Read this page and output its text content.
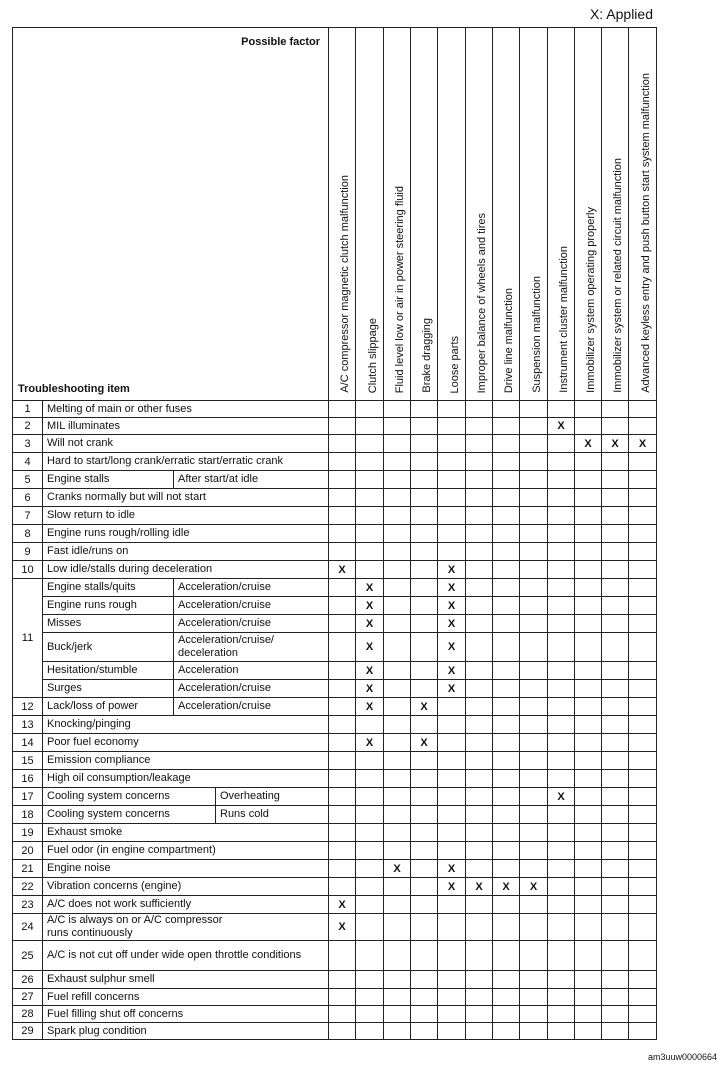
X: Applied
Possible factor
Troubleshooting item				A/C compressor magnetic clutch malfunction	Clutch slippage	Fluid level low or air in power steering fluid	Brake dragging	Loose parts	Improper balance of wheels and tires	Drive line malfunction	Suspension malfunction	Instrument cluster malfunction	Immobilizer system operating properly	Immobilizer system or related circuit malfunction	Advanced keyless entry and push button start system malfunction
1	Melting of main or other fuses														
2	MIL illuminates											X			
3	Will not crank												X	X	X
4	Hard to start/long crank/erratic start/erratic crank														
5	Engine stalls	After start/at idle													
6	Cranks normally but will not start														
7	Slow return to idle														
8	Engine runs rough/rolling idle														
9	Fast idle/runs on														
10	Low idle/stalls during deceleration			X				X							
11	Engine stalls/quits	Acceleration/cruise			X			X							
	Engine runs rough	Acceleration/cruise			X			X							
	Misses	Acceleration/cruise			X			X							
	Buck/jerk	Acceleration/cruise/
deceleration			X			X							
	Hesitation/stumble	Acceleration			X			X							
	Surges	Acceleration/cruise			X			X							
12	Lack/loss of power	Acceleration/cruise			X		X								
13	Knocking/pinging														
14	Poor fuel economy				X		X								
15	Emission compliance														
16	High oil consumption/leakage														
17	Cooling system concerns		Overheating									X			
18	Cooling system concerns		Runs cold												
19	Exhaust smoke														
20	Fuel odor (in engine compartment)														
21	Engine noise					X		X							
22	Vibration concerns (engine)							X	X	X	X				
23	A/C does not work sufficiently			X											
24	A/C is always on or A/C compressor
runs continuously			X											
25	A/C is not cut off under wide open throttle conditions														
26	Exhaust sulphur smell														
27	Fuel refill concerns														
28	Fuel filling shut off concerns														
29	Spark plug condition														
am3uuw0000664
